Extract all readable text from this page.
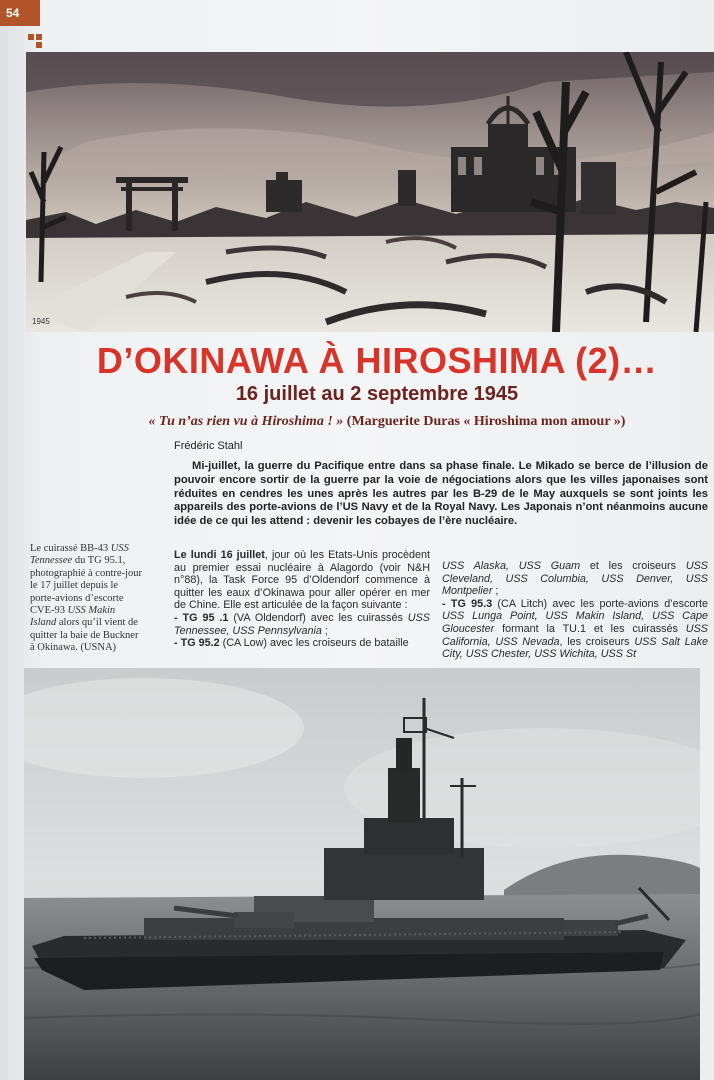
54
1945
D’OKINAWA À HIROSHIMA (2)…
16 juillet au 2 septembre 1945
« Tu n’as rien vu à Hiroshima ! » (Marguerite Duras « Hiroshima mon amour »)
Frédéric Stahl
Mi-juillet, la guerre du Pacifique entre dans sa phase finale. Le Mikado se berce de l’illusion de pouvoir encore sortir de la guerre par la voie de négociations alors que les villes japonaises sont réduites en cendres les unes après les autres par les B-29 de le May auxquels se sont joints les appareils des porte-avions de l’US Navy et de la Royal Navy. Les Japonais n’ont néanmoins aucune idée de ce qui les attend : devenir les cobayes de l’ère nucléaire.
Le cuirassé BB-43 USS Tennessee du TG 95.1, photographié à contre-jour le 17 juillet depuis le porte-avions d’escorte CVE-93 USS Makin Island alors qu’il vient de quitter la baie de Buckner à Okinawa. (USNA)
Le lundi 16 juillet, jour où les Etats-Unis procèdent au premier essai nucléaire à Alagordo (voir N&H n°88), la Task Force 95 d’Oldendorf commence à quitter les eaux d’Okinawa pour aller opérer en mer de Chine. Elle est articulée de la façon suivante :
- TG 95 .1 (VA Oldendorf) avec les cuirassés USS Tennessee, USS Pennsylvania ;
- TG 95.2 (CA Low) avec les croiseurs de bataille
USS Alaska, USS Guam et les croiseurs USS Cleveland, USS Columbia, USS Denver, USS Montpelier ;
- TG 95.3 (CA Litch) avec les porte-avions d’escorte USS Lunga Point, USS Makin Island, USS Cape Gloucester formant la TU.1 et les cuirassés USS California, USS Nevada, les croiseurs USS Salt Lake City, USS Chester, USS Wichita, USS St
